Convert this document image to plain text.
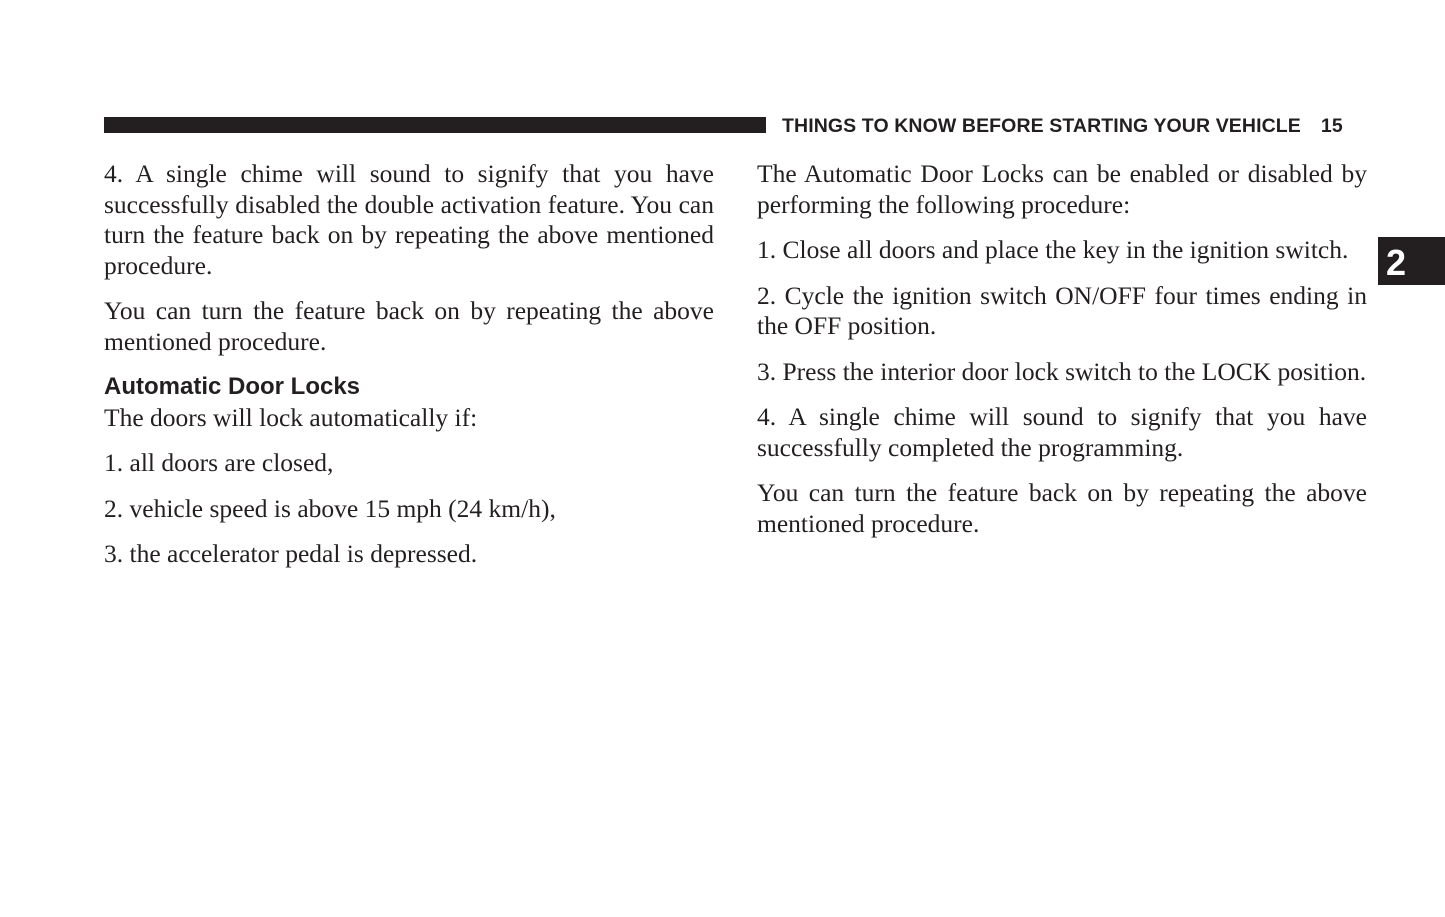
THINGS TO KNOW BEFORE STARTING YOUR VEHICLE 15
2

4. A single chime will sound to signify that you have successfully disabled the double activation feature. You can turn the feature back on by repeating the above mentioned procedure.

You can turn the feature back on by repeating the above mentioned procedure.

Automatic Door Locks

The doors will lock automatically if:

1. all doors are closed,

2. vehicle speed is above 15 mph (24 km/h),

3. the accelerator pedal is depressed.

The Automatic Door Locks can be enabled or disabled by performing the following procedure:

1. Close all doors and place the key in the ignition switch.

2. Cycle the ignition switch ON/OFF four times ending in the OFF position.

3. Press the interior door lock switch to the LOCK position.

4. A single chime will sound to signify that you have successfully completed the programming.

You can turn the feature back on by repeating the above mentioned procedure.
